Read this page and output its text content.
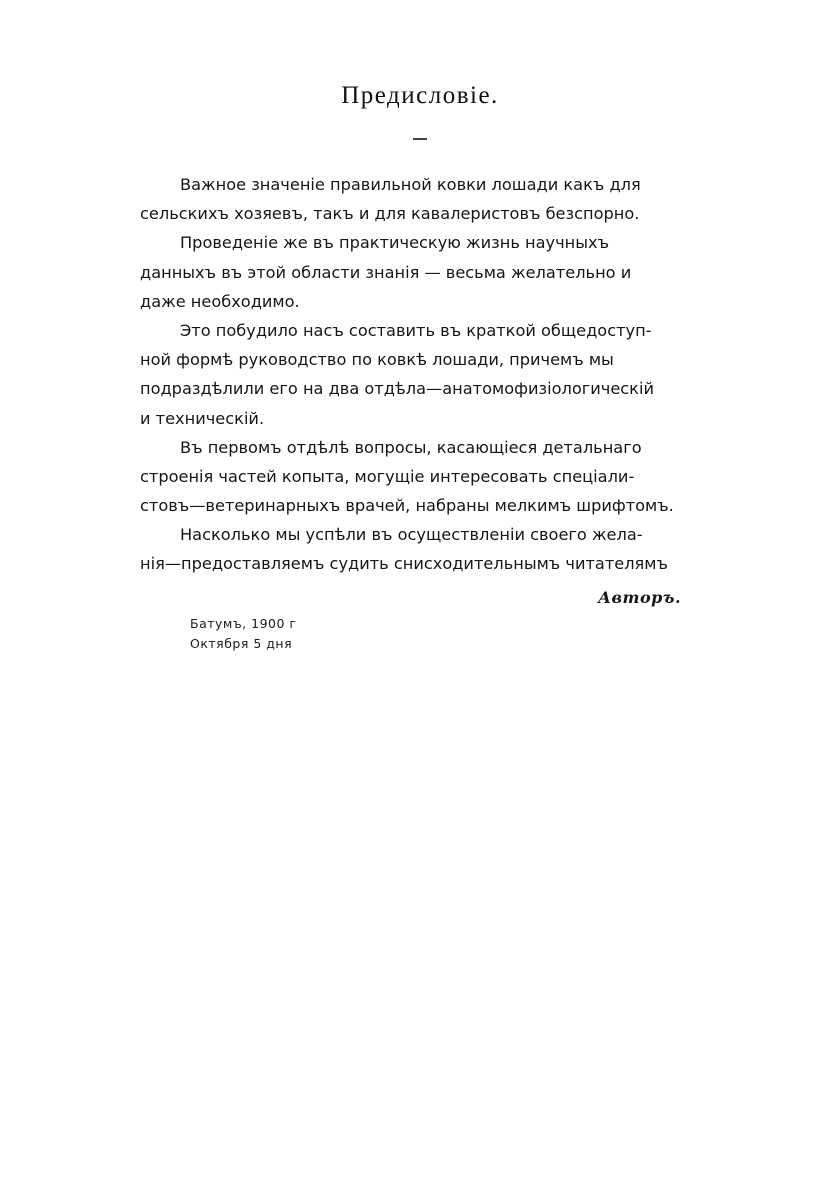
Предисловіе.

Важное значеніе правильной ковки лошади какъ для
сельскихъ хозяевъ, такъ и для кавалеристовъ безспорно.

Проведеніе же въ практическую жизнь научныхъ
данныхъ въ этой области знанія — весьма желательно и
даже необходимо.

Это побудило насъ составить въ краткой общедоступ-
ной формѣ руководство по ковкѣ лошади, причемъ мы
подраздѣлили его на два отдѣла—анатомофизіологическій
и техническій.

Въ первомъ отдѣлѣ вопросы, касающіеся детальнаго
строенія частей копыта, могущіе интересовать спеціали-
стовъ—ветеринарныхъ врачей, набраны мелкимъ шрифтомъ.

Насколько мы успѣли въ осуществленіи своего жела-
нія—предоставляемъ судить снисходительнымъ читателямъ

Авторъ.
Батумъ, 1900 г
Октября 5 дня
